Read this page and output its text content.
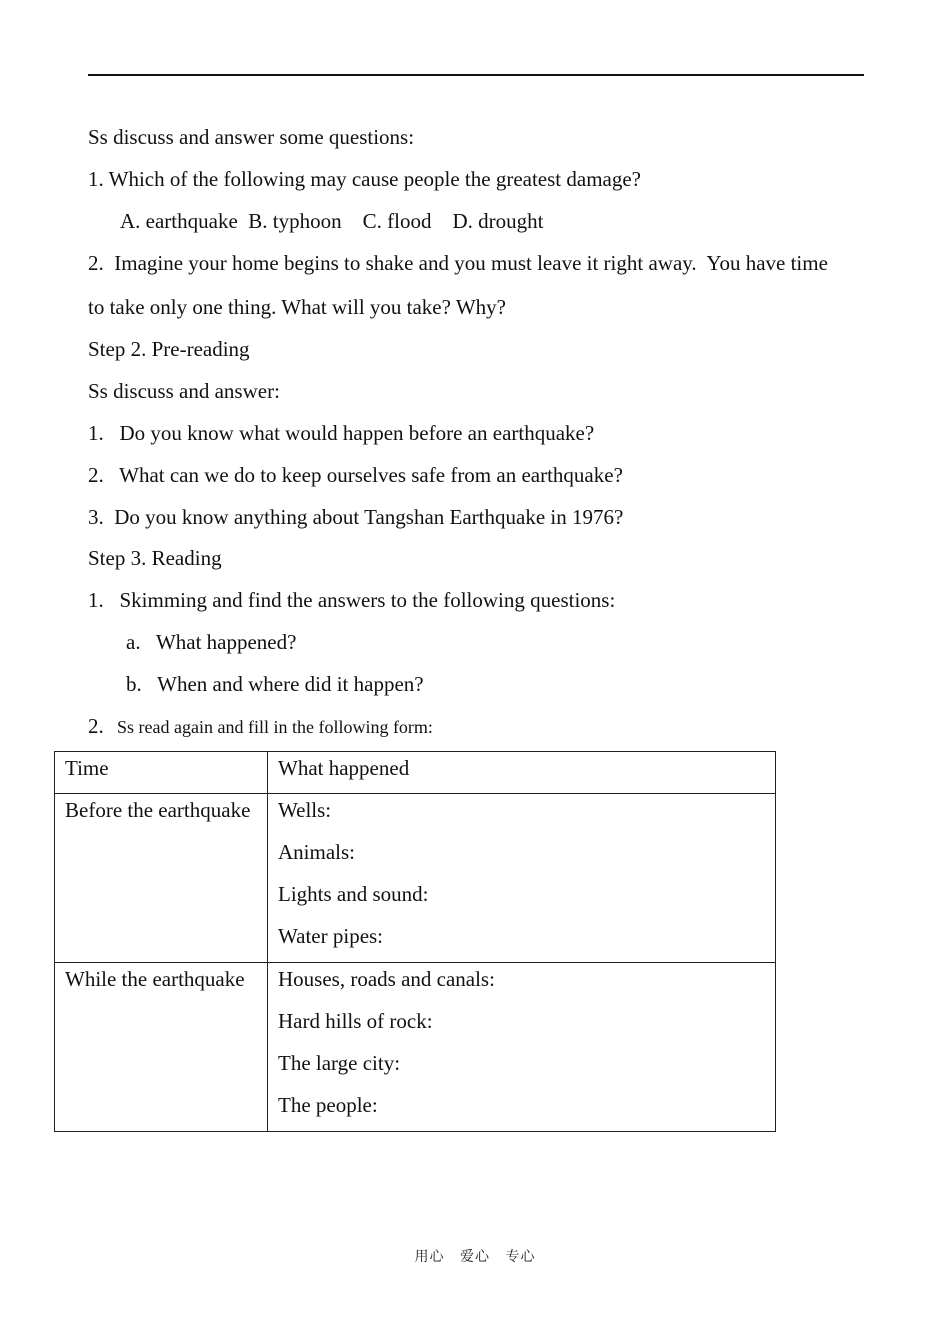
Ss discuss and answer some questions:
1. Which of the following may cause people the greatest damage?
A. earthquake  B. typhoon    C. flood    D. drought
2.  Imagine your home begins to shake and you must leave it right away.  You have time
to take only one thing. What will you take? Why?
Step 2. Pre-reading
Ss discuss and answer:
1.   Do you know what would happen before an earthquake?
2.   What can we do to keep ourselves safe from an earthquake?
3.  Do you know anything about Tangshan Earthquake in 1976?
Step 3. Reading
1.   Skimming and find the answers to the following questions:
a.   What happened?
b.   When and where did it happen?
2. Ss read again and fill in the following form:
Time	What happened

Before the earthquake	Wells:
Animals:
Lights and sound:
Water pipes:

While the earthquake	Houses, roads and canals:
Hard hills of rock:
The large city:
The people:
用心 爱心 专心
